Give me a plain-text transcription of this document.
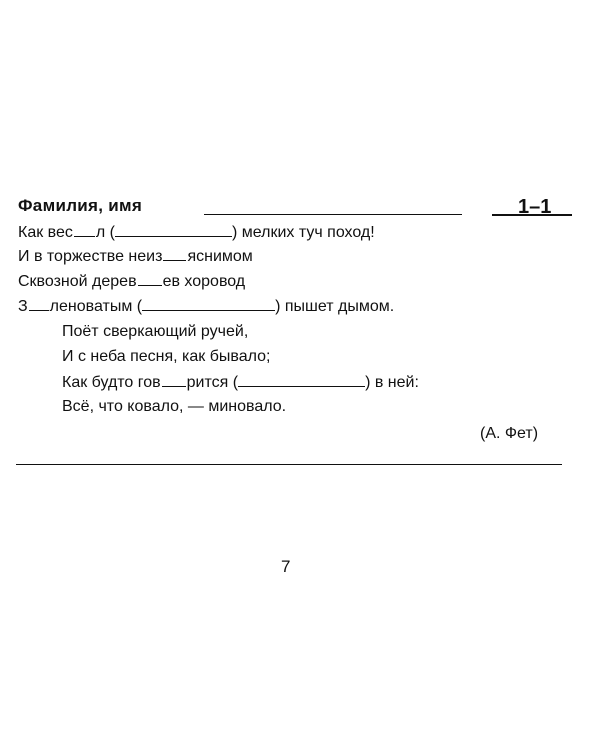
Фамилия, имя	1–1
Как вес л (	) мелких туч поход!
И в торжестве неиз яснимом
Сквозной дерев ев хоровод
З леноватым (	) пышет дымом.
Поёт сверкающий ручей,
И с неба песня, как бывало;
Как будто гов рится (	) в ней:
Всё, что ковало, — миновало.
(А. Фет)
7
